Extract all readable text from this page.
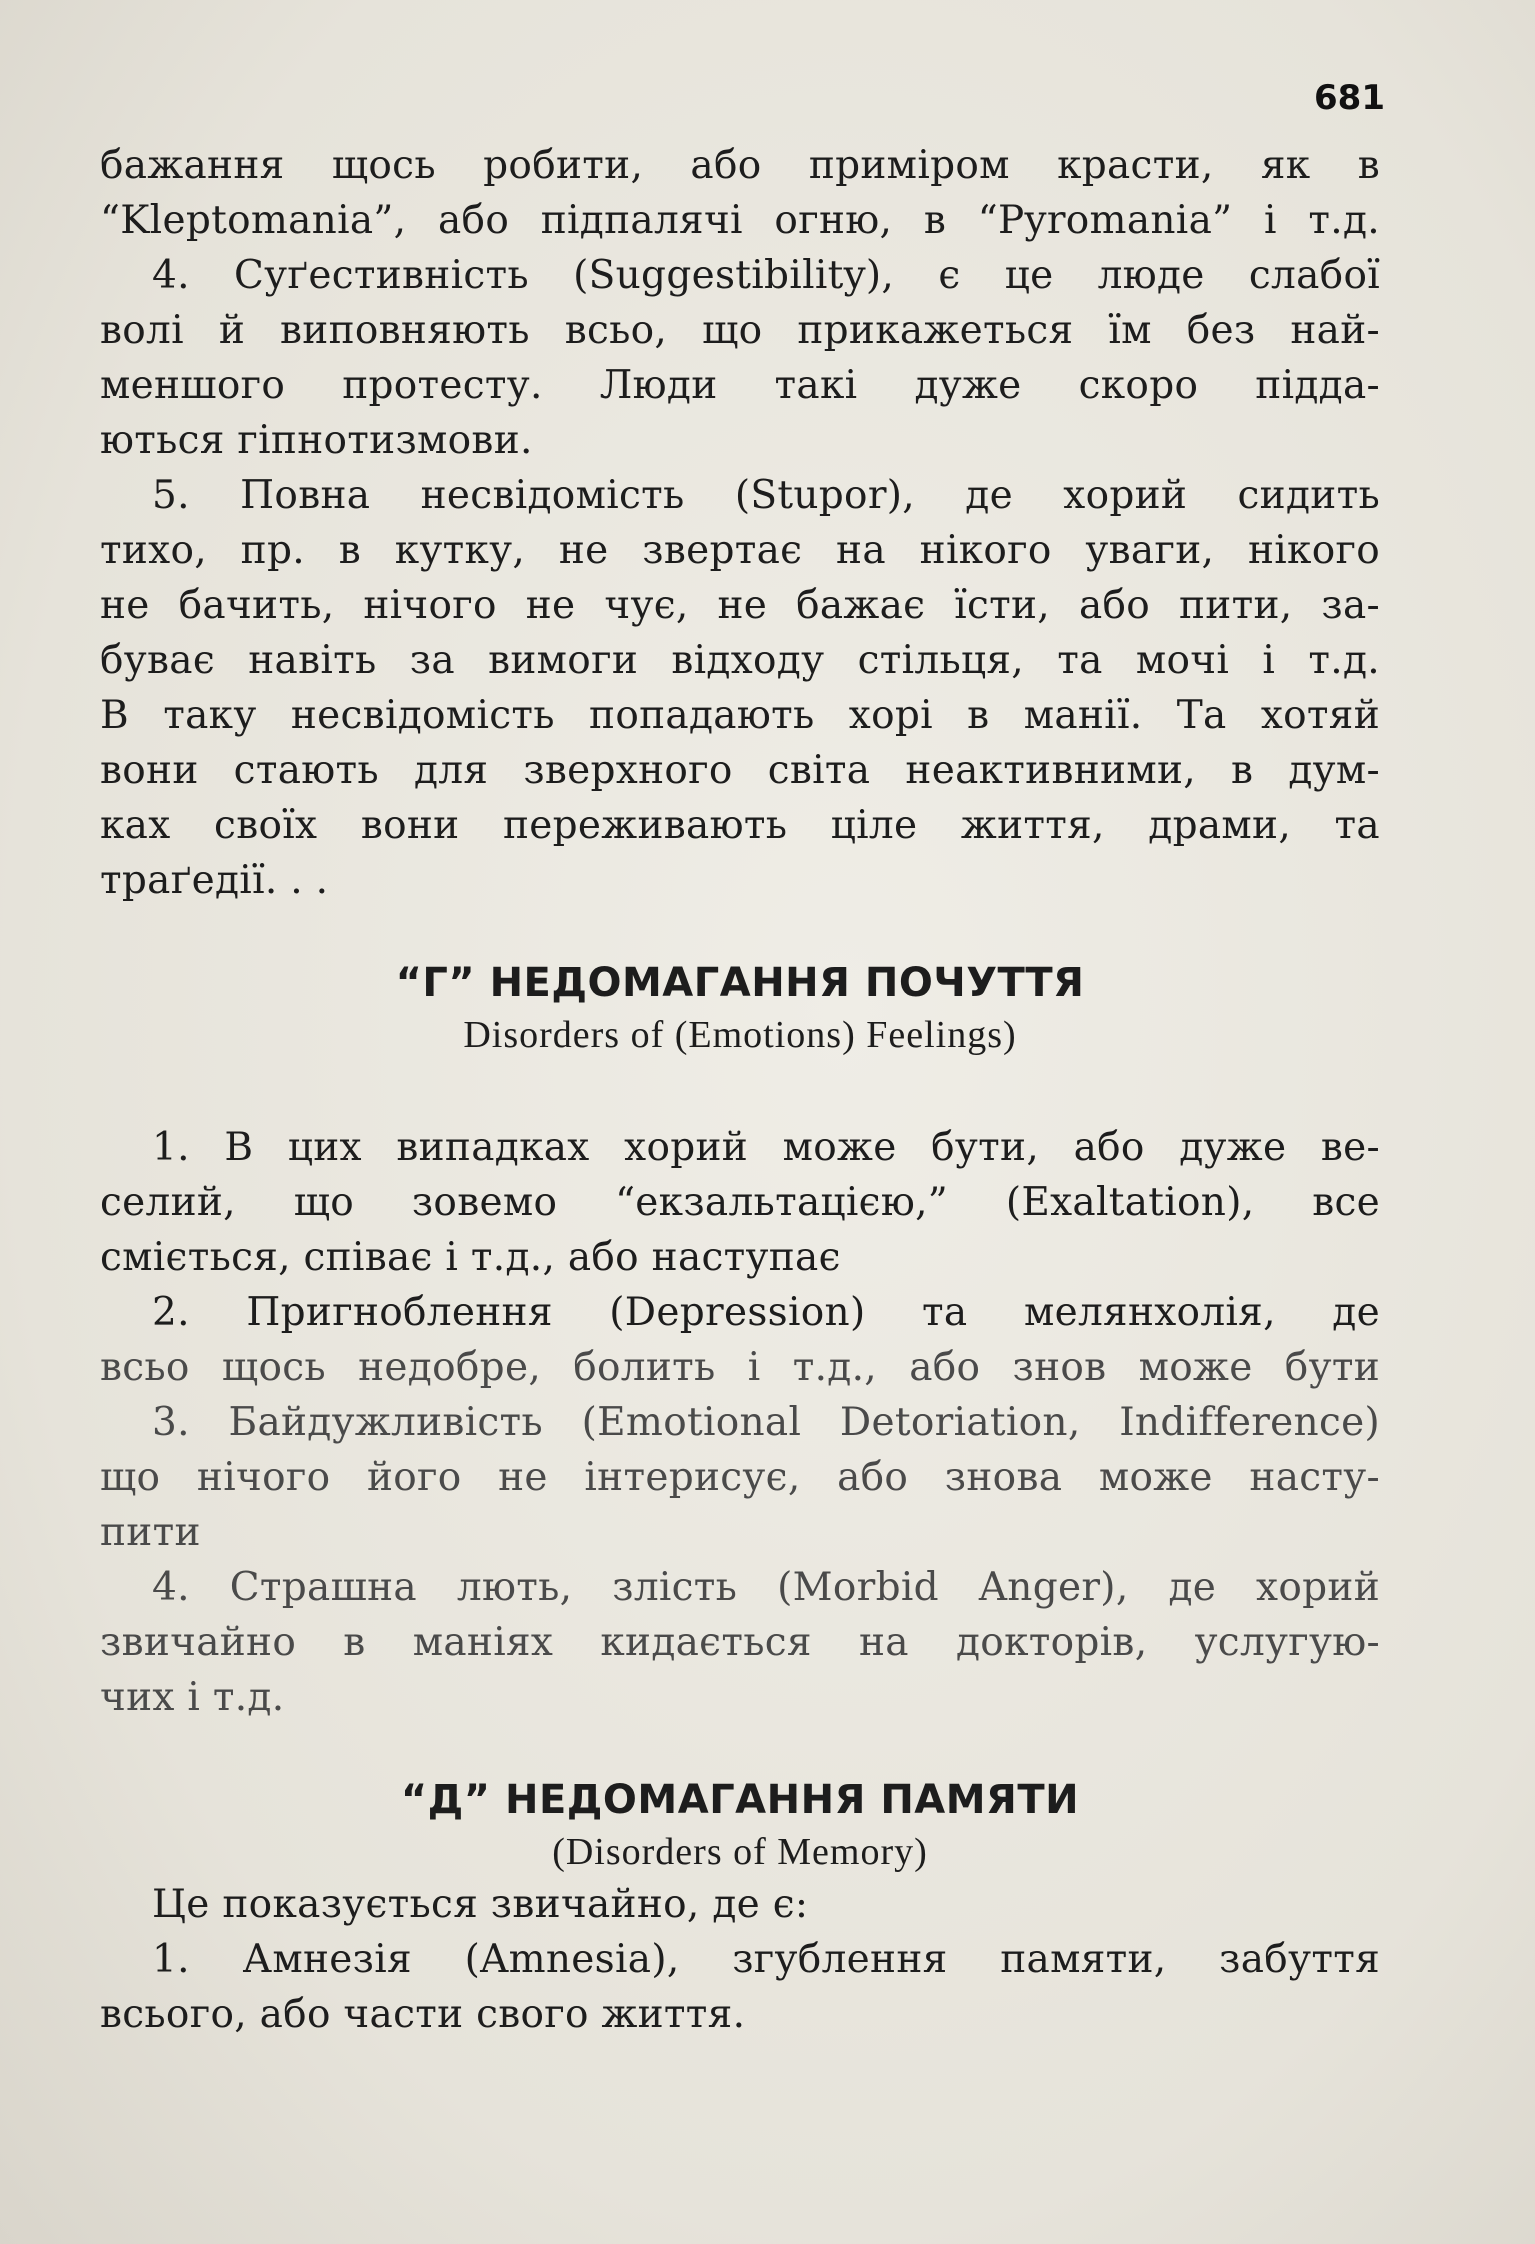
681
бажання щось робити, або приміром красти, як в
“Kleptomania”, або підпалячі огню, в “Pyromania” і т.д.
4. Суґестивність (Suggestibility), є це люде слабої
волі й виповняють всьо, що прикажеться їм без най-
меншого протесту. Люди такі дуже скоро підда-
ються гіпнотизмови.
5. Повна несвідомість (Stupor), де хорий сидить
тихо, пр. в кутку, не звертає на нікого уваги, нікого
не бачить, нічого не чує, не бажає їсти, або пити, за-
буває навіть за вимоги відходу стільця, та мочі і т.д.
В таку несвідомість попадають хорі в манії. Та хотяй
вони стають для зверхного світа неактивними, в дум-
ках своїх вони переживають ціле життя, драми, та
траґедії. . .
“Г” НЕДОМАГАННЯ ПОЧУТТЯ
Disorders of (Emotions) Feelings)
1. В цих випадках хорий може бути, або дуже ве-
селий, що зовемо “екзальтацією,” (Exaltation), все
сміється, співає і т.д., або наступає
2. Пригноблення (Depression) та мелянхолія, де
всьо щось недобре, болить і т.д., або знов може бути
3. Байдужливість (Emotional Detoriation, Indifference)
що нічого його не інтерисує, або знова може насту-
пити
4. Страшна лють, злість (Morbid Anger), де хорий
звичайно в маніях кидається на докторів, услугую-
чих і т.д.
“Д” НЕДОМАГАННЯ ПАМЯТИ
(Disorders of Memory)
Це показується звичайно, де є:
1. Амнезія (Amnesia), згублення памяти, забуття
всього, або части свого життя.
